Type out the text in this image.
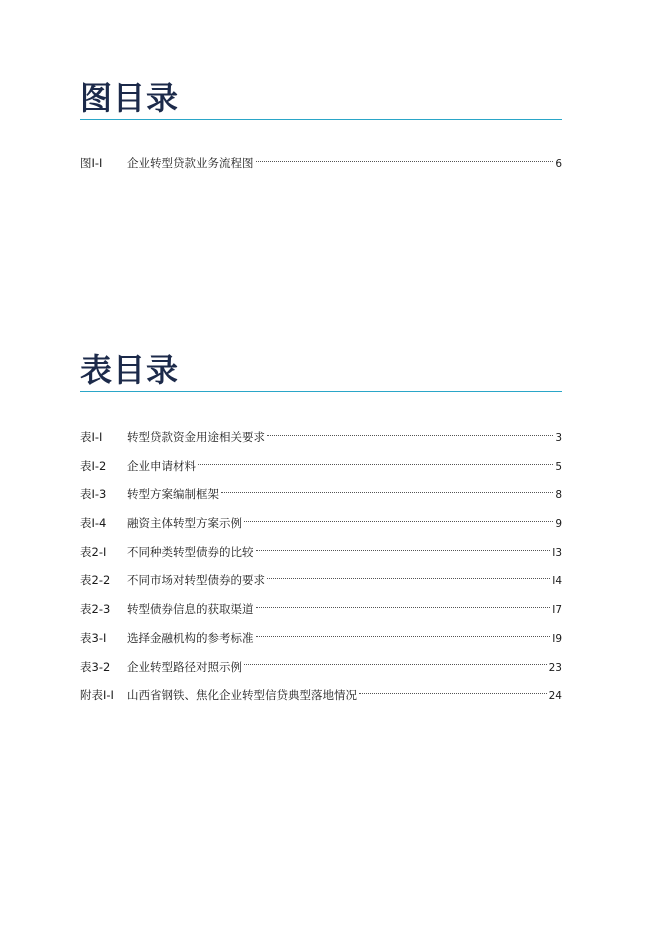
图目录
图I-I	企业转型贷款业务流程图	6
表目录
表I-I	转型贷款资金用途相关要求	3
表I-2	企业申请材料	5
表I-3	转型方案编制框架	8
表I-4	融资主体转型方案示例	9
表2-I	不同种类转型债券的比较	I3
表2-2	不同市场对转型债券的要求	I4
表2-3	转型债券信息的获取渠道	I7
表3-I	选择金融机构的参考标准	I9
表3-2	企业转型路径对照示例	23
附表I-I	山西省钢铁、焦化企业转型信贷典型落地情况	24
